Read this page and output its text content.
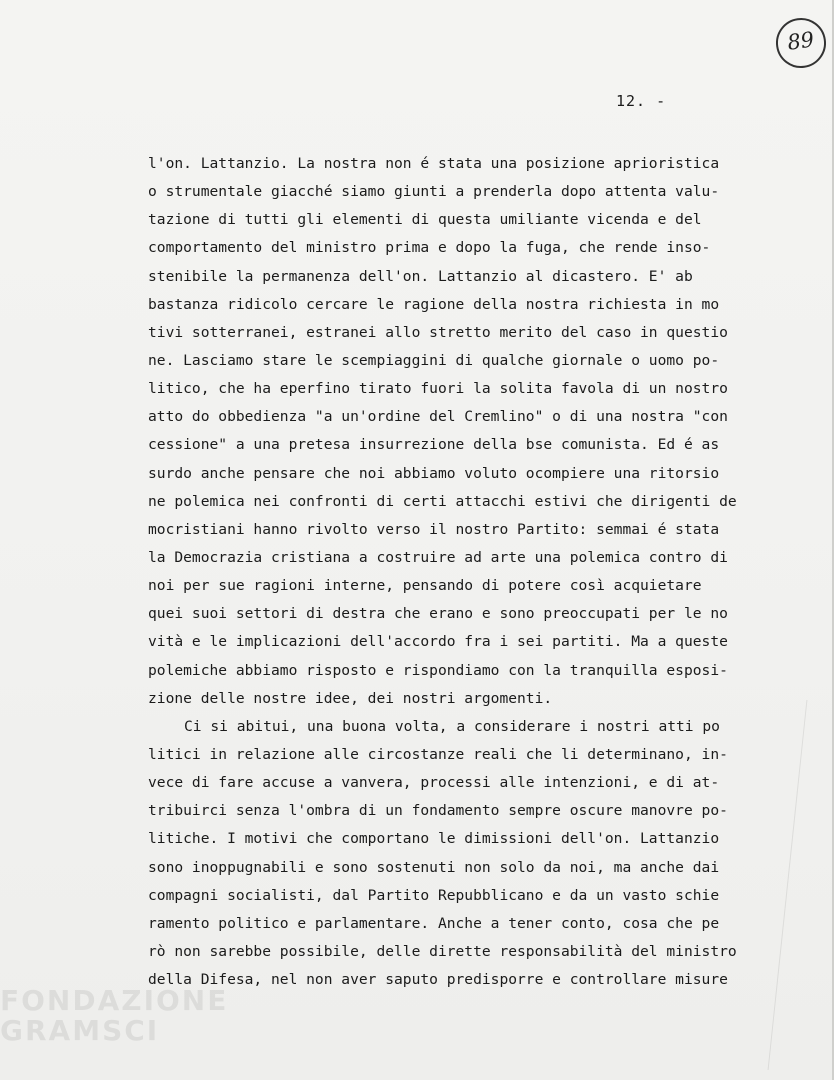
89
12. -
l'on. Lattanzio. La nostra non é stata una posizione aprioristica
o strumentale giacché siamo giunti a prenderla dopo attenta valu-
tazione di tutti gli elementi di questa umiliante vicenda e del
comportamento del ministro prima e dopo la fuga, che rende inso-
stenibile la permanenza dell'on. Lattanzio al dicastero. E' ab
bastanza ridicolo cercare le ragione della nostra richiesta in mo
tivi sotterranei, estranei allo stretto merito del caso in questio
ne. Lasciamo stare le scempiaggini di qualche giornale o uomo po-
litico, che ha eperfino tirato fuori la solita favola di un nostro
atto do obbedienza "a un'ordine del Cremlino" o di una nostra "con
cessione" a una pretesa insurrezione della bse comunista. Ed é as
surdo anche pensare che noi abbiamo voluto ocompiere una ritorsio
ne polemica nei confronti di certi attacchi estivi che dirigenti de
mocristiani hanno rivolto verso il nostro Partito: semmai é stata
la Democrazia cristiana a costruire ad arte una polemica contro di
noi per sue ragioni interne, pensando di potere così acquietare
quei suoi settori di destra che erano e sono preoccupati per le no
vità e le implicazioni dell'accordo fra i sei partiti. Ma a queste
polemiche abbiamo risposto e rispondiamo con la tranquilla esposi-
zione delle nostre idee, dei nostri argomenti.
Ci si abitui, una buona volta, a considerare i nostri atti po
litici in relazione alle circostanze reali che li determinano, in-
vece di fare accuse a vanvera, processi alle intenzioni, e di at-
tribuirci senza l'ombra di un fondamento sempre oscure manovre po-
litiche. I motivi che comportano le dimissioni dell'on. Lattanzio
sono inoppugnabili e sono sostenuti non solo da noi, ma anche dai
compagni socialisti, dal Partito Repubblicano e da un vasto schie
ramento politico e parlamentare. Anche a tener conto, cosa che pe
rò non sarebbe possibile, delle dirette responsabilità del ministro
della Difesa, nel non aver saputo predisporre e controllare misure
FONDAZIONE
GRAMSCI
